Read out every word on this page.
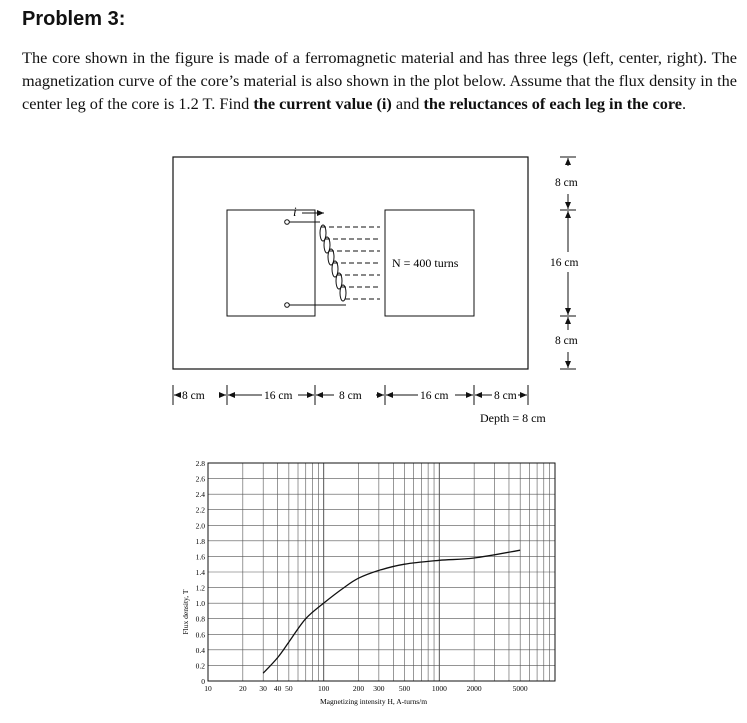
Problem 3:
The core shown in the figure is made of a ferromagnetic material and has three legs (left, center, right). The magnetization curve of the core’s material is also shown in the plot below. Assume that the flux density in the center leg of the core is 1.2 T. Find the current value (i) and the reluctances of each leg in the core.
i
N = 400 turns
8 cm
16 cm
8 cm
8 cm	16 cm	8 cm	16 cm	8 cm
Depth = 8 cm
0
0.2
0.4
0.6
0.8
1.0
1.2
1.4
1.6
1.8
2.0
2.2
2.4
2.6
2.8
10	20 30 40 50	100	200 300 500	1000	2000	5000
Magnetizing intensity H, A-turns/m
Flux density, T
